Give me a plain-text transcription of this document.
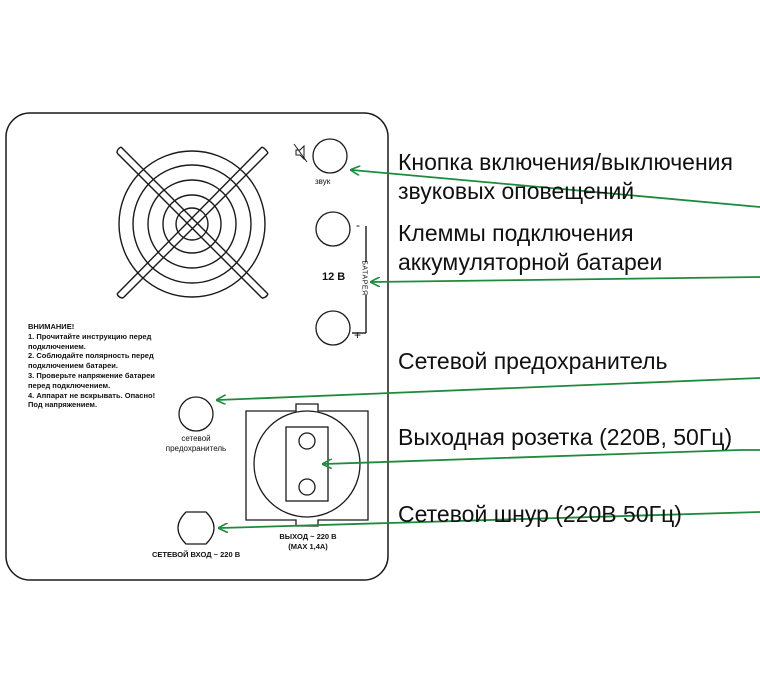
звук
-
12 В БАТАРЕЯ
+
ВНИМАНИЕ!
1. Прочитайте инструкцию перед
подключением.
2. Соблюдайте полярность перед
подключением батареи.
3. Проверьте напряжение батареи
перед подключением.
4. Аппарат не вскрывать. Опасно!
Под напряжением.
сетевой
предохранитель
ВЫХОД ~ 220 В
(MAX 1,4A)
СЕТЕВОЙ ВХОД ~ 220 В
Кнопка включения/выключения
звуковых оповещений
Клеммы подключения
аккумуляторной батареи
Сетевой предохранитель
Выходная розетка (220В, 50Гц)
Сетевой шнур (220В 50Гц)
